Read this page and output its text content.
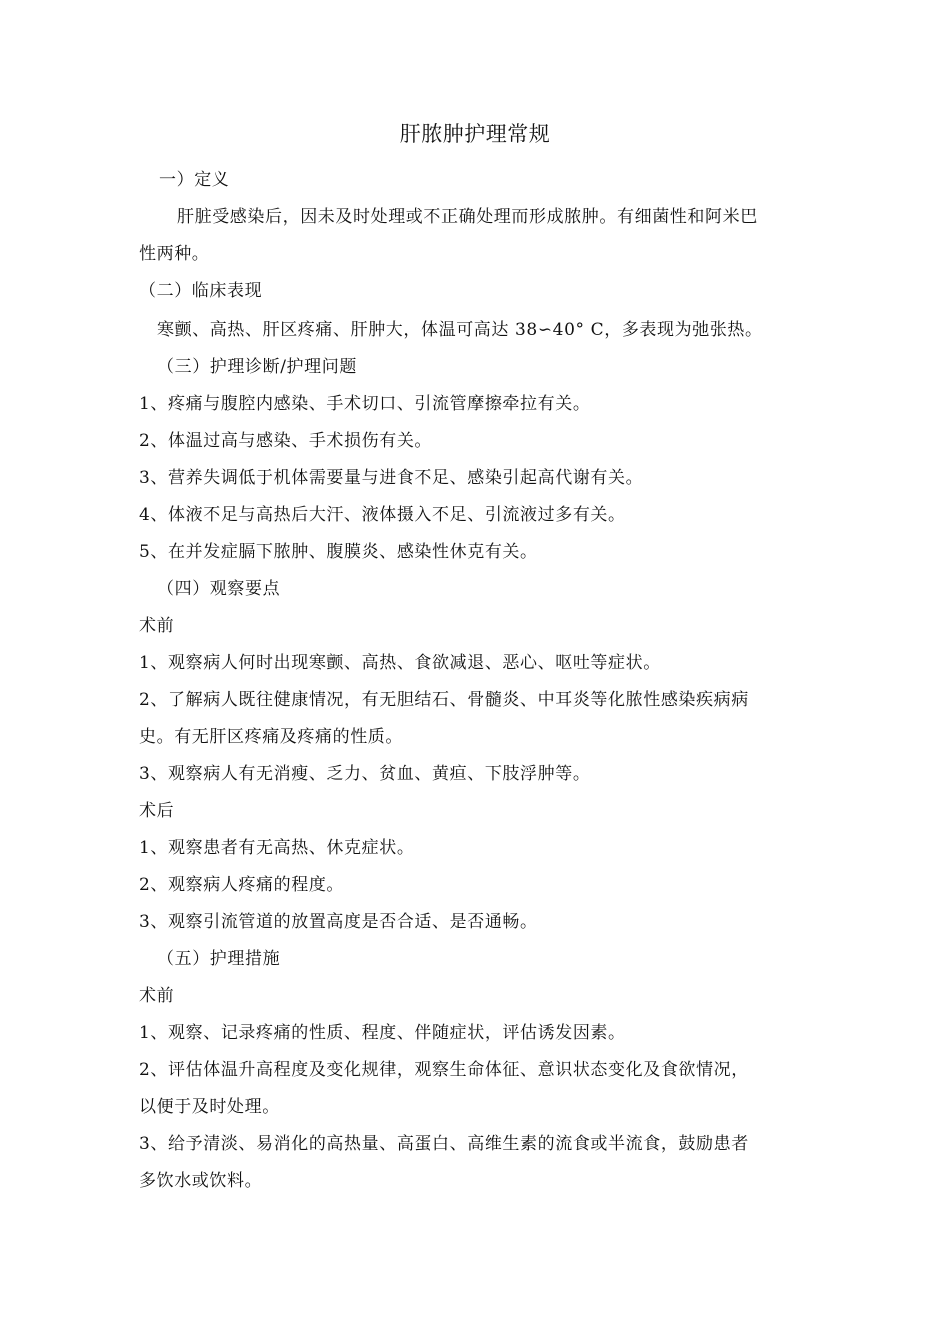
肝脓肿护理常规

一）定义

肝脏受感染后，因未及时处理或不正确处理而形成脓肿。有细菌性和阿米巴

性两种。

（二）临床表现

寒颤、高热、肝区疼痛、肝肿大，体温可高达 38∽40° C，多表现为弛张热。

（三）护理诊断/护理问题

1、疼痛与腹腔内感染、手术切口、引流管摩擦牵拉有关。

2、体温过高与感染、手术损伤有关。

3、营养失调低于机体需要量与进食不足、感染引起高代谢有关。

4、体液不足与高热后大汗、液体摄入不足、引流液过多有关。

5、在并发症膈下脓肿、腹膜炎、感染性休克有关。

（四）观察要点

术前

1、观察病人何时出现寒颤、高热、食欲减退、恶心、呕吐等症状。

2、了解病人既往健康情况，有无胆结石、骨髓炎、中耳炎等化脓性感染疾病病

史。有无肝区疼痛及疼痛的性质。

3、观察病人有无消瘦、乏力、贫血、黄疸、下肢浮肿等。

术后

1、观察患者有无高热、休克症状。

2、观察病人疼痛的程度。

3、观察引流管道的放置高度是否合适、是否通畅。

（五）护理措施

术前

1、观察、记录疼痛的性质、程度、伴随症状，评估诱发因素。

2、评估体温升高程度及变化规律，观察生命体征、意识状态变化及食欲情况，

以便于及时处理。

3、给予清淡、易消化的高热量、高蛋白、高维生素的流食或半流食，鼓励患者

多饮水或饮料。
